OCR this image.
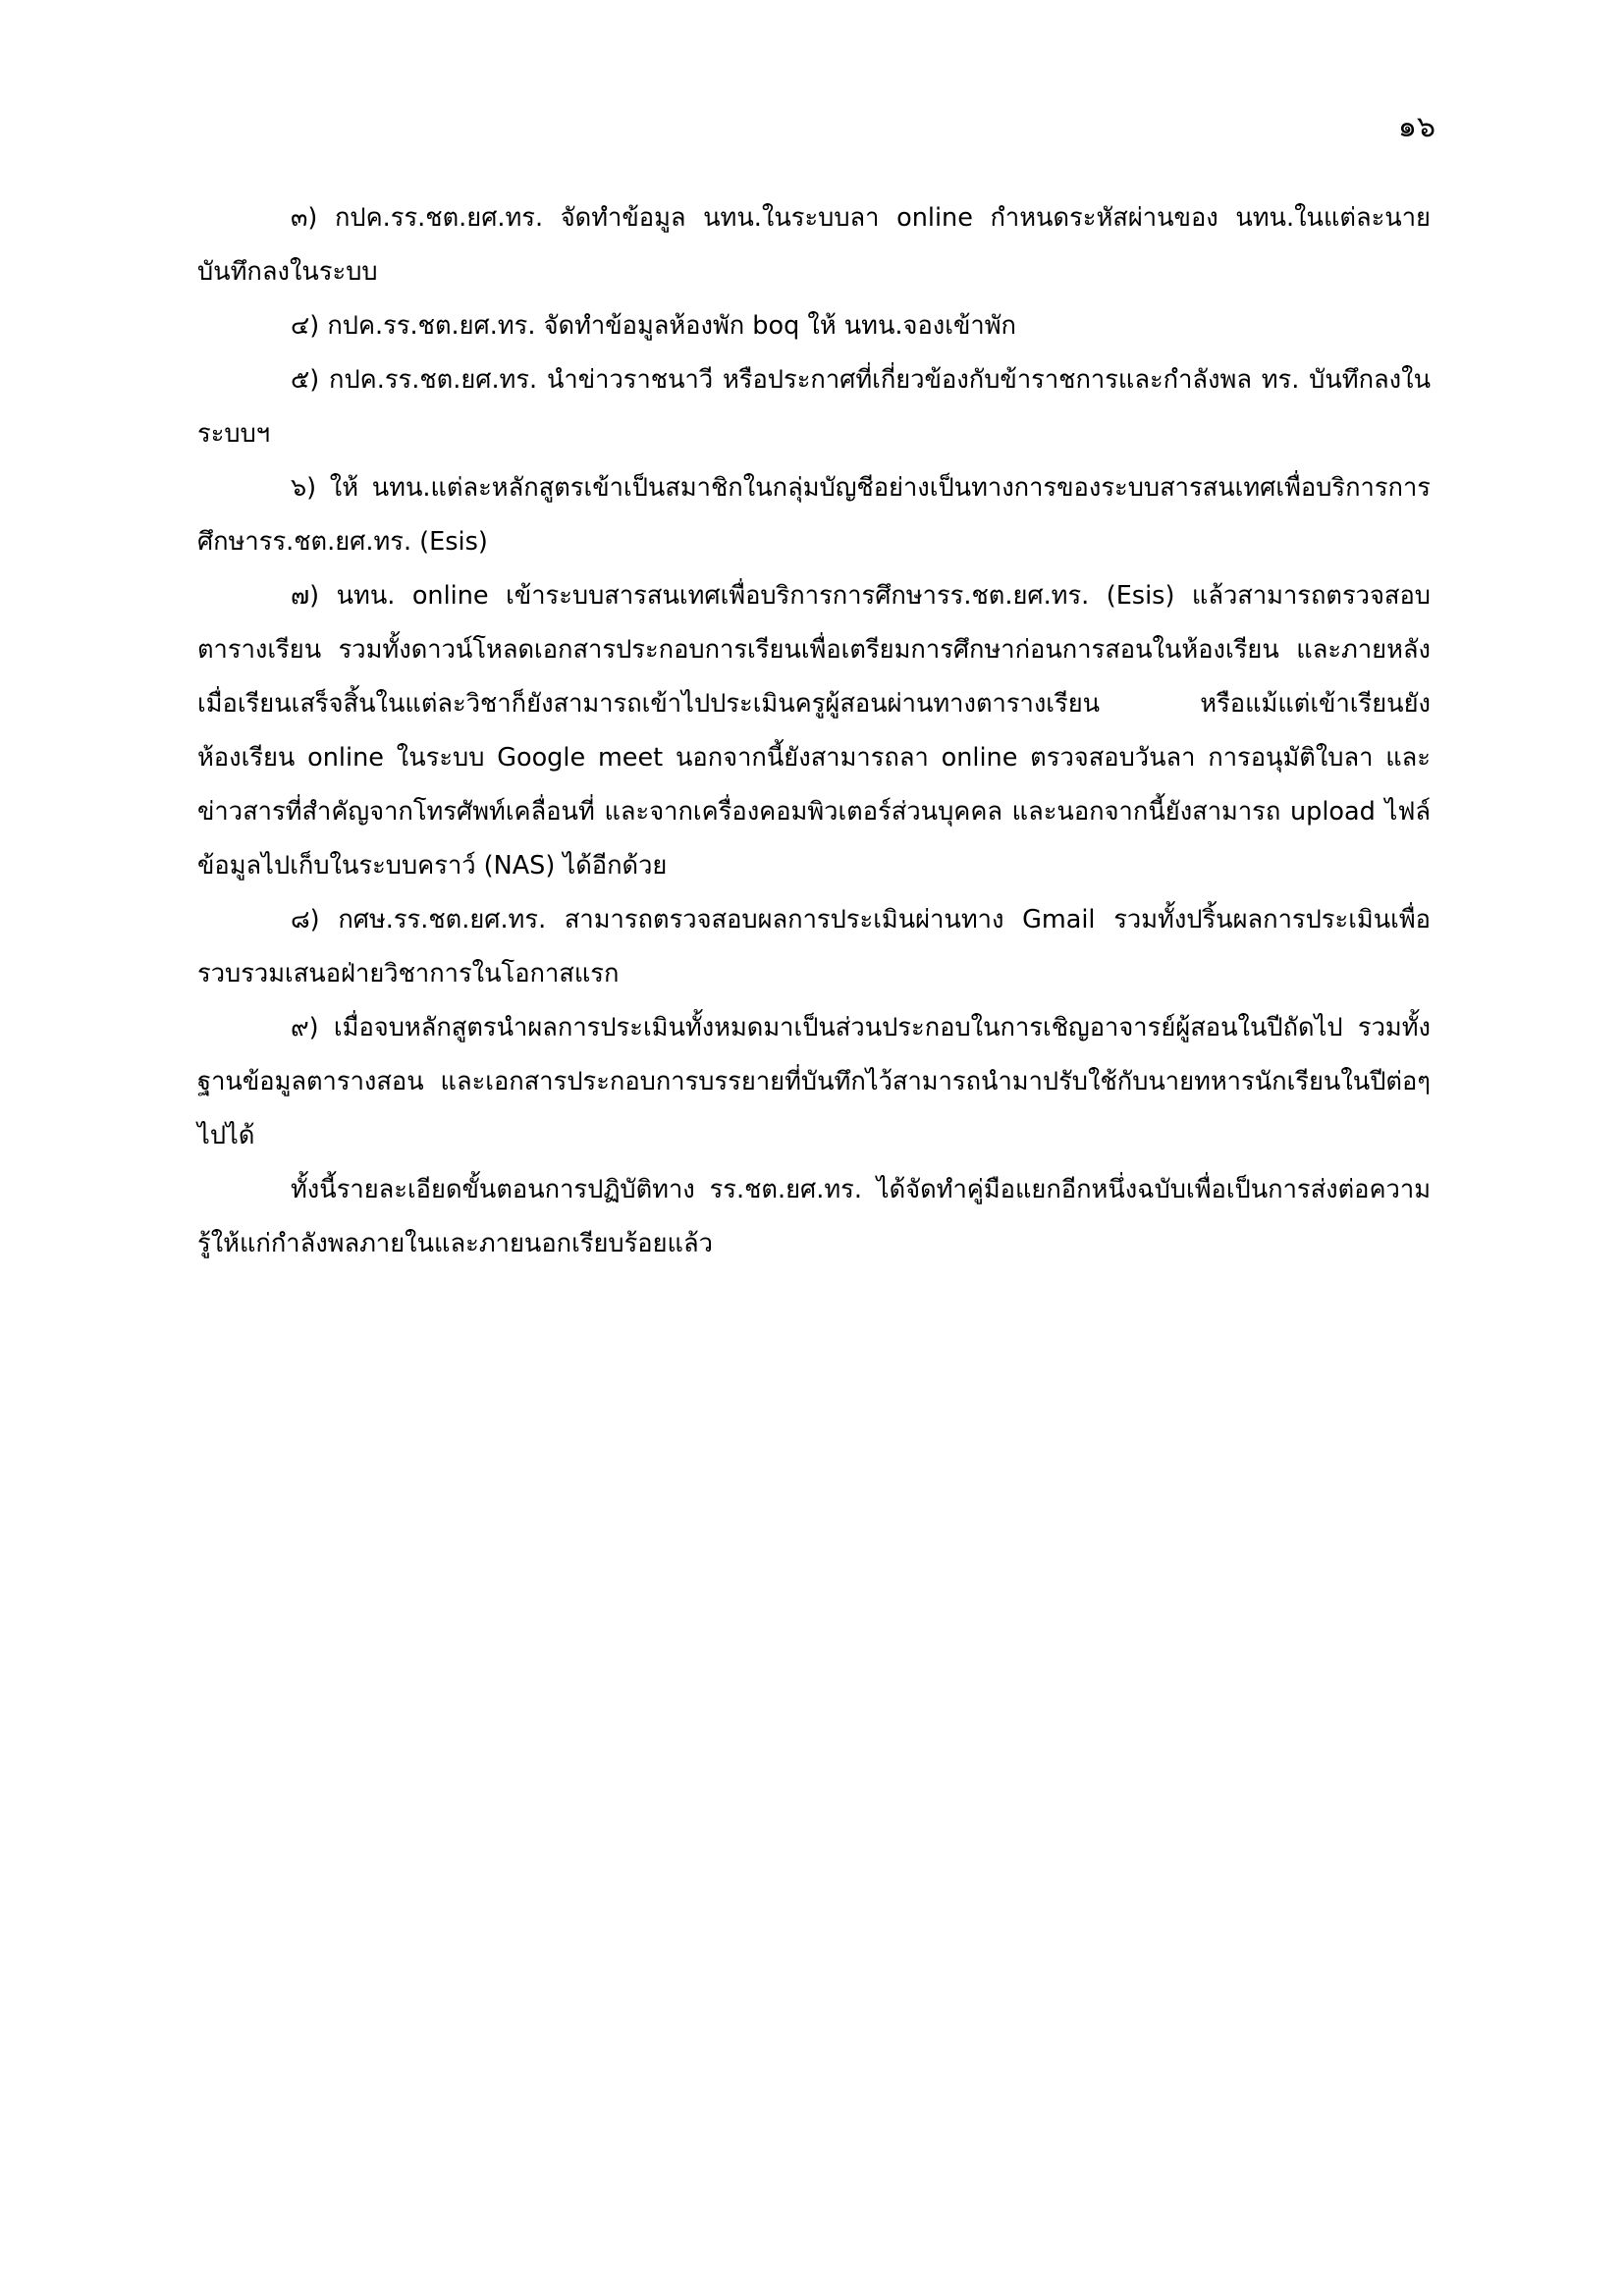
๑๖

๓) กปค.รร.ชต.ยศ.ทร. จัดทำข้อมูล นทน.ในระบบลา online กำหนดระหัสผ่านของ นทน.ในแต่ละนายบันทึกลงในระบบ

๔) กปค.รร.ชต.ยศ.ทร. จัดทำข้อมูลห้องพัก boq ให้ นทน.จองเข้าพัก

๕) กปค.รร.ชต.ยศ.ทร. นำข่าวราชนาวี หรือประกาศที่เกี่ยวข้องกับข้าราชการและกำลังพล ทร. บันทึกลงในระบบฯ

๖) ให้ นทน.แต่ละหลักสูตรเข้าเป็นสมาชิกในกลุ่มบัญชีอย่างเป็นทางการของระบบสารสนเทศเพื่อบริการการศึกษารร.ชต.ยศ.ทร. (Esis)

๗) นทน. online เข้าระบบสารสนเทศเพื่อบริการการศึกษารร.ชต.ยศ.ทร. (Esis) แล้วสามารถตรวจสอบตารางเรียน รวมทั้งดาวน์โหลดเอกสารประกอบการเรียนเพื่อเตรียมการศึกษาก่อนการสอนในห้องเรียน และภายหลังเมื่อเรียนเสร็จสิ้นในแต่ละวิชาก็ยังสามารถเข้าไปประเมินครูผู้สอนผ่านทางตารางเรียน หรือแม้แต่เข้าเรียนยังห้องเรียน online ในระบบ Google meet นอกจากนี้ยังสามารถลา online ตรวจสอบวันลา การอนุมัติใบลา และข่าวสารที่สำคัญจากโทรศัพท์เคลื่อนที่ และจากเครื่องคอมพิวเตอร์ส่วนบุคคล และนอกจากนี้ยังสามารถ upload ไฟล์ข้อมูลไปเก็บในระบบคราว์ (NAS) ได้อีกด้วย

๘) กศษ.รร.ชต.ยศ.ทร. สามารถตรวจสอบผลการประเมินผ่านทาง Gmail รวมทั้งปริ้นผลการประเมินเพื่อรวบรวมเสนอฝ่ายวิชาการในโอกาสแรก

๙) เมื่อจบหลักสูตรนำผลการประเมินทั้งหมดมาเป็นส่วนประกอบในการเชิญอาจารย์ผู้สอนในปีถัดไป รวมทั้งฐานข้อมูลตารางสอน และเอกสารประกอบการบรรยายที่บันทึกไว้สามารถนำมาปรับใช้กับนายทหารนักเรียนในปีต่อๆไปได้

ทั้งนี้รายละเอียดขั้นตอนการปฏิบัติทาง รร.ชต.ยศ.ทร. ได้จัดทำคู่มือแยกอีกหนึ่งฉบับเพื่อเป็นการส่งต่อความรู้ให้แก่กำลังพลภายในและภายนอกเรียบร้อยแล้ว
